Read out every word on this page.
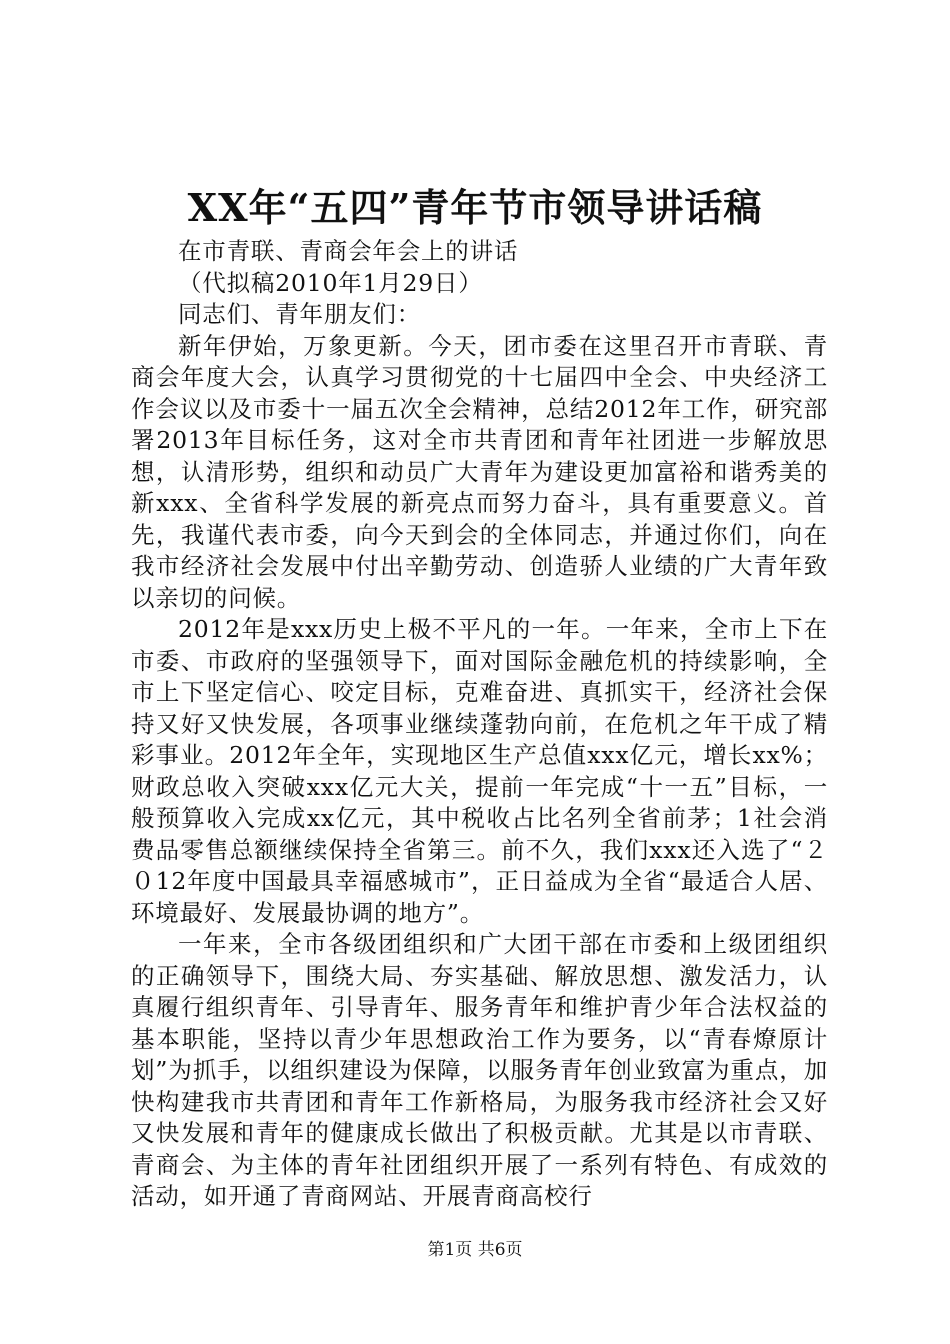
XX年“五四”青年节市领导讲话稿

在市青联、青商会年会上的讲话

（代拟稿2010年1月29日）

同志们、青年朋友们：

新年伊始，万象更新。今天，团市委在这里召开市青联、青商会年度大会，认真学习贯彻党的十七届四中全会、中央经济工作会议以及市委十一届五次全会精神，总结2012年工作，研究部署2013年目标任务，这对全市共青团和青年社团进一步解放思想，认清形势，组织和动员广大青年为建设更加富裕和谐秀美的新xxx、全省科学发展的新亮点而努力奋斗，具有重要意义。首先，我谨代表市委，向今天到会的全体同志，并通过你们，向在我市经济社会发展中付出辛勤劳动、创造骄人业绩的广大青年致以亲切的问候。

2012年是xxx历史上极不平凡的一年。一年来，全市上下在市委、市政府的坚强领导下，面对国际金融危机的持续影响，全市上下坚定信心、咬定目标，克难奋进、真抓实干，经济社会保持又好又快发展，各项事业继续蓬勃向前，在危机之年干成了精彩事业。2012年全年，实现地区生产总值xxx亿元，增长xx%；财政总收入突破xxx亿元大关，提前一年完成“十一五”目标，一般预算收入完成xx亿元，其中税收占比名列全省前茅；1社会消费品零售总额继续保持全省第三。前不久，我们xxx还入选了“２０12年度中国最具幸福感城市”，正日益成为全省“最适合人居、环境最好、发展最协调的地方”。

一年来，全市各级团组织和广大团干部在市委和上级团组织的正确领导下，围绕大局、夯实基础、解放思想、激发活力，认真履行组织青年、引导青年、服务青年和维护青少年合法权益的基本职能，坚持以青少年思想政治工作为要务，以“青春燎原计划”为抓手，以组织建设为保障，以服务青年创业致富为重点，加快构建我市共青团和青年工作新格局，为服务我市经济社会又好又快发展和青年的健康成长做出了积极贡献。尤其是以市青联、青商会、为主体的青年社团组织开展了一系列有特色、有成效的活动，如开通了青商网站、开展青商高校行

第1页 共6页
